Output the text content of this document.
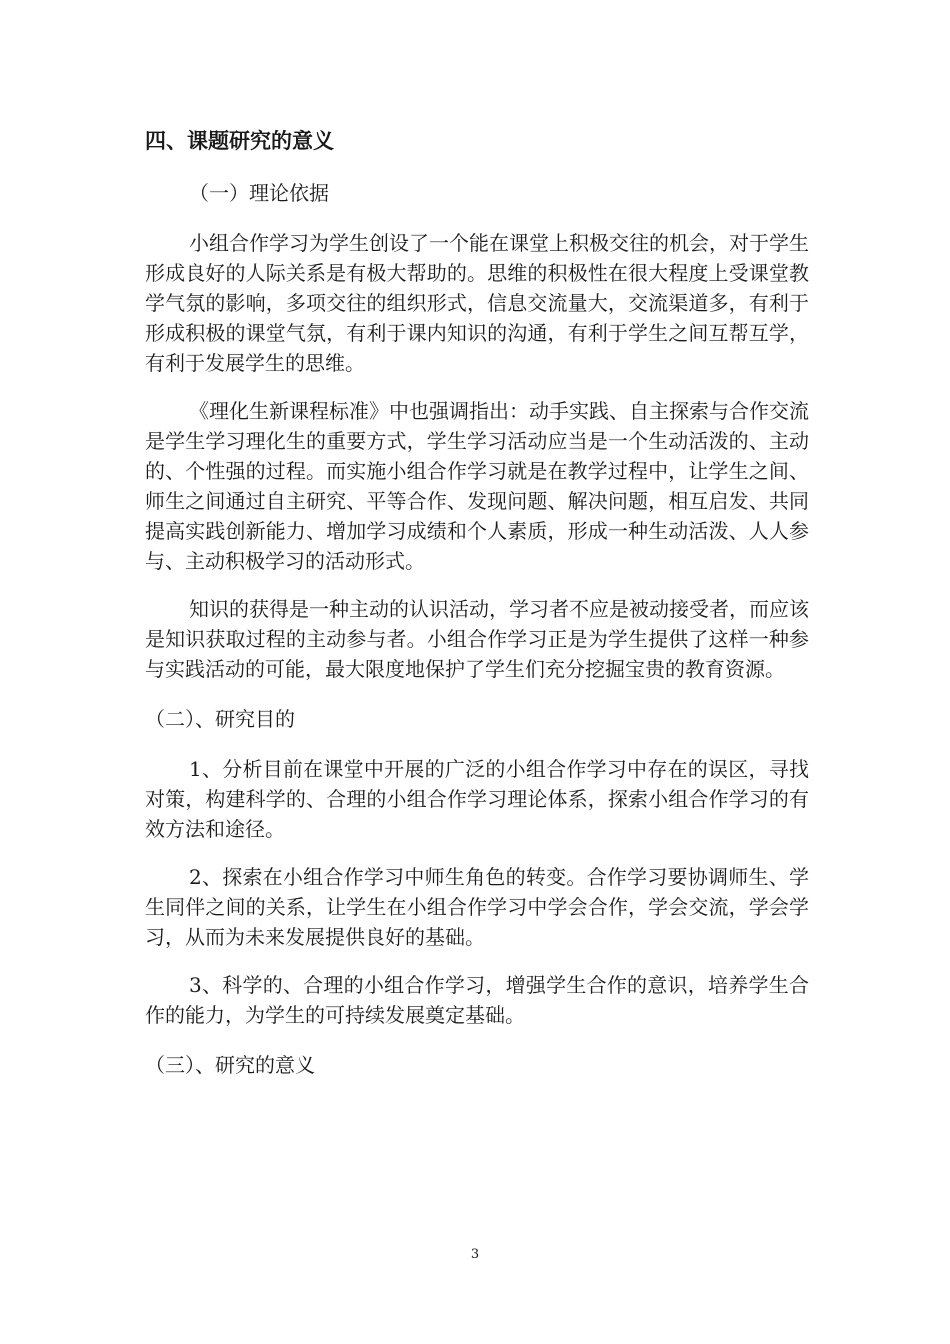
四、课题研究的意义
（一）理论依据

小组合作学习为学生创设了一个能在课堂上积极交往的机会，对于学生形成良好的人际关系是有极大帮助的。思维的积极性在很大程度上受课堂教学气氛的影响，多项交往的组织形式，信息交流量大，交流渠道多，有利于形成积极的课堂气氛，有利于课内知识的沟通，有利于学生之间互帮互学，有利于发展学生的思维。

《理化生新课程标准》中也强调指出：动手实践、自主探索与合作交流是学生学习理化生的重要方式，学生学习活动应当是一个生动活泼的、主动的、个性强的过程。而实施小组合作学习就是在教学过程中，让学生之间、师生之间通过自主研究、平等合作、发现问题、解决问题，相互启发、共同提高实践创新能力、增加学习成绩和个人素质，形成一种生动活泼、人人参与、主动积极学习的活动形式。

知识的获得是一种主动的认识活动，学习者不应是被动接受者，而应该是知识获取过程的主动参与者。小组合作学习正是为学生提供了这样一种参与实践活动的可能，最大限度地保护了学生们充分挖掘宝贵的教育资源。

（二）、研究目的

1、分析目前在课堂中开展的广泛的小组合作学习中存在的误区，寻找对策，构建科学的、合理的小组合作学习理论体系，探索小组合作学习的有效方法和途径。

2、探索在小组合作学习中师生角色的转变。合作学习要协调师生、学生同伴之间的关系，让学生在小组合作学习中学会合作，学会交流，学会学习，从而为未来发展提供良好的基础。

3、科学的、合理的小组合作学习，增强学生合作的意识，培养学生合作的能力，为学生的可持续发展奠定基础。

（三）、研究的意义
3
